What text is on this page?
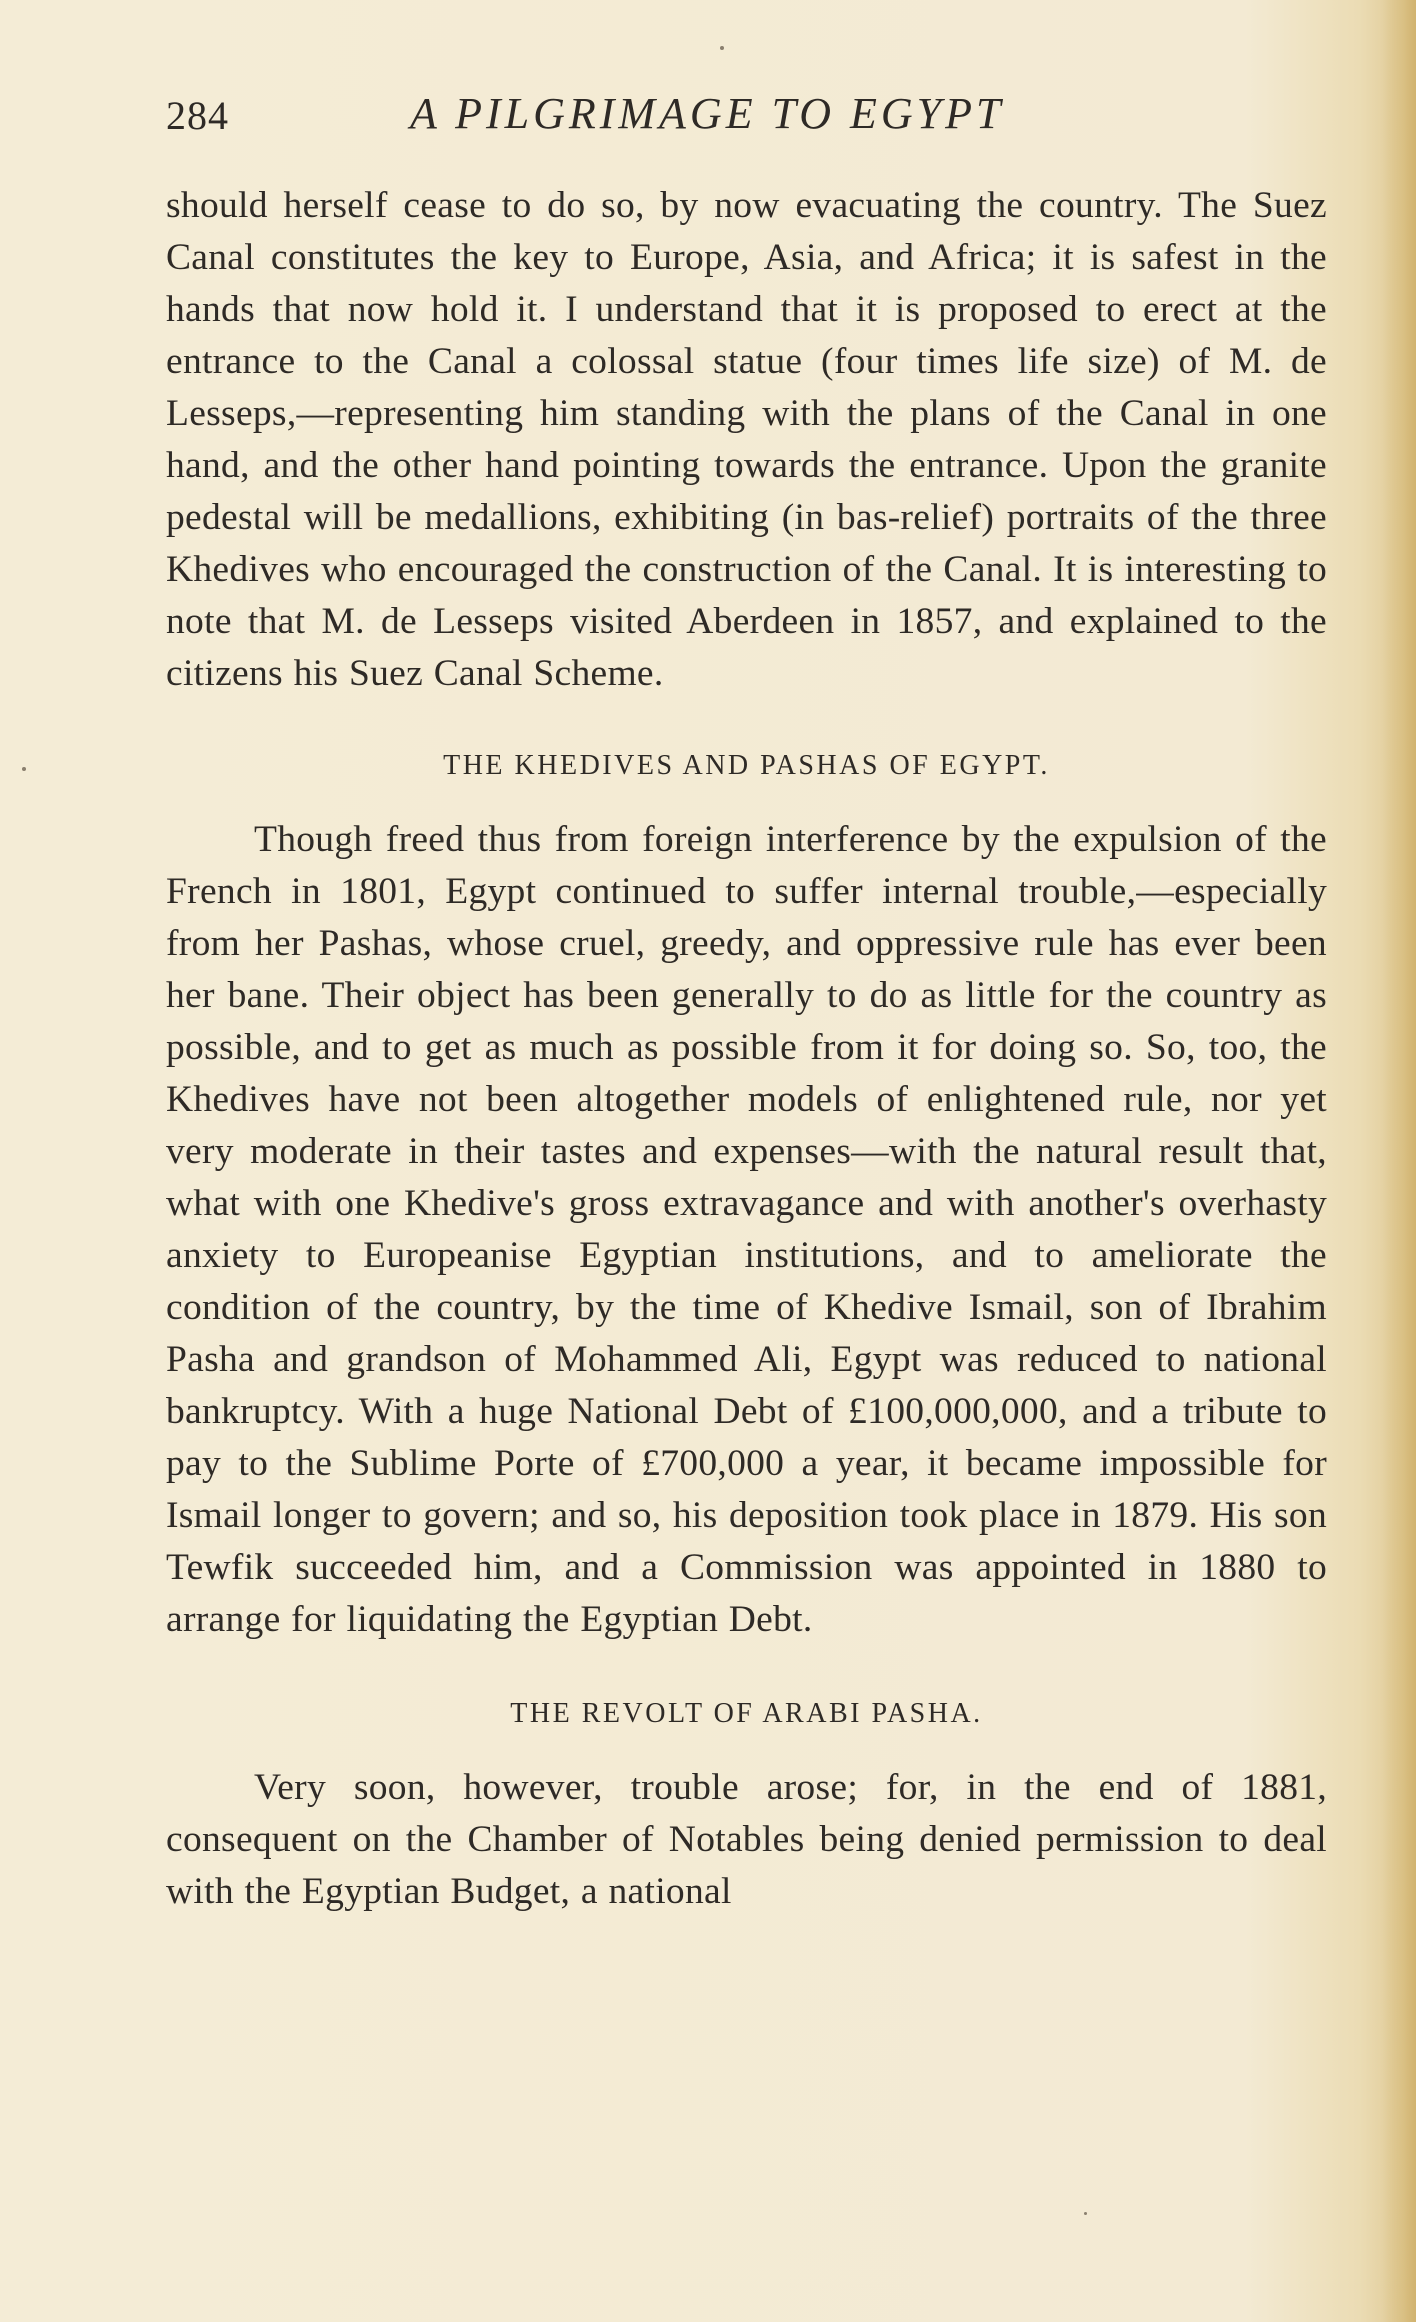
284	A PILGRIMAGE TO EGYPT

should herself cease to do so, by now evacuating the country. The Suez Canal constitutes the key to Europe, Asia, and Africa; it is safest in the hands that now hold it. I understand that it is proposed to erect at the entrance to the Canal a colossal statue (four times life size) of M. de Lesseps,—representing him standing with the plans of the Canal in one hand, and the other hand pointing towards the entrance. Upon the granite pedestal will be medallions, exhibiting (in bas-relief) portraits of the three Khedives who encouraged the construction of the Canal. It is interesting to note that M. de Lesseps visited Aberdeen in 1857, and explained to the citizens his Suez Canal Scheme.

THE KHEDIVES AND PASHAS OF EGYPT.

Though freed thus from foreign interference by the expulsion of the French in 1801, Egypt continued to suffer internal trouble,—especially from her Pashas, whose cruel, greedy, and oppressive rule has ever been her bane. Their object has been generally to do as little for the country as possible, and to get as much as possible from it for doing so. So, too, the Khedives have not been altogether models of enlightened rule, nor yet very moderate in their tastes and expenses—with the natural result that, what with one Khedive's gross extravagance and with another's overhasty anxiety to Europeanise Egyptian institutions, and to ameliorate the condition of the country, by the time of Khedive Ismail, son of Ibrahim Pasha and grandson of Mohammed Ali, Egypt was reduced to national bankruptcy. With a huge National Debt of £100,000,000, and a tribute to pay to the Sublime Porte of £700,000 a year, it became impossible for Ismail longer to govern; and so, his deposition took place in 1879. His son Tewfik succeeded him, and a Commission was appointed in 1880 to arrange for liquidating the Egyptian Debt.

THE REVOLT OF ARABI PASHA.

Very soon, however, trouble arose; for, in the end of 1881, consequent on the Chamber of Notables being denied permission to deal with the Egyptian Budget, a national
